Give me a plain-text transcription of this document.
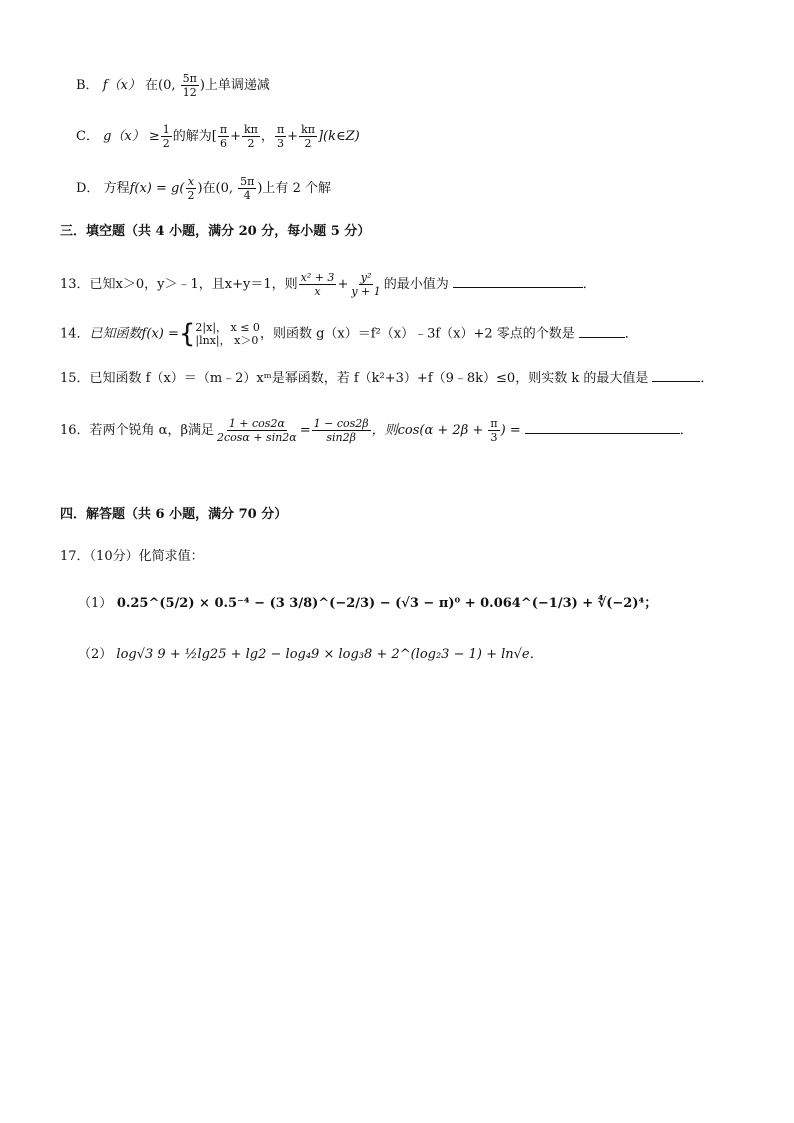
B． f（x） 在(0, $\frac{5\pi}{12}$ )上单调递减
C． $g(x) \ge \frac{1}{2}$ 的解为[ $\frac{\pi}{6} + \frac{k\pi}{2}$ ， $\frac{\pi}{3} + \frac{k\pi}{2}$ ](k∈Z)
D． 方程$f(x) = g( \frac{x}{2}$ )在(0, $\frac{5\pi}{4}$ )上有 2 个解
三．填空题（共 4 小题，满分 20 分，每小题 5 分）
13．已知x＞0，y＞﹣1，且x+y＝1，则 $\frac{\text{x² + 3}}{x} + \frac{\text{y²}}{y + 1}$ 的最小值为	．
14．已知函数f(x) = { 2|x|， x ≤ 0
|lnx|， x＞0 ，则函数 g（x）＝f²（x）﹣3f（x）+2 零点的个数是	．
15．已知函数 f（x）＝（m﹣2）xᵐ是幂函数，若 f（k²+3）+f（9﹣8k）≤0，则实数 k 的最大值是	．
16．若两个锐角 α，β满足 $\frac{1 + \cos 2\alpha}{2\cos\alpha + \sin 2\alpha} = \frac{1 - \cos 2\beta}{\sin 2\beta}$ ，则$\cos(\alpha + 2\beta + \frac{\pi}{3}$ ) =	．
四．解答题（共 6 小题，满分 70 分）
17．（10分）化简求值：
（1） 0.25^(5/2) × 0.5⁻⁴ − (3 3/8)^(−2/3) − (√3 − π)⁰ + 0.064^(−1/3) + ∜(−2)⁴；
（2） log√3 9 + ½lg25 + lg2 − log₄9 × log₃8 + 2^(log₂3 − 1) + ln√e．
